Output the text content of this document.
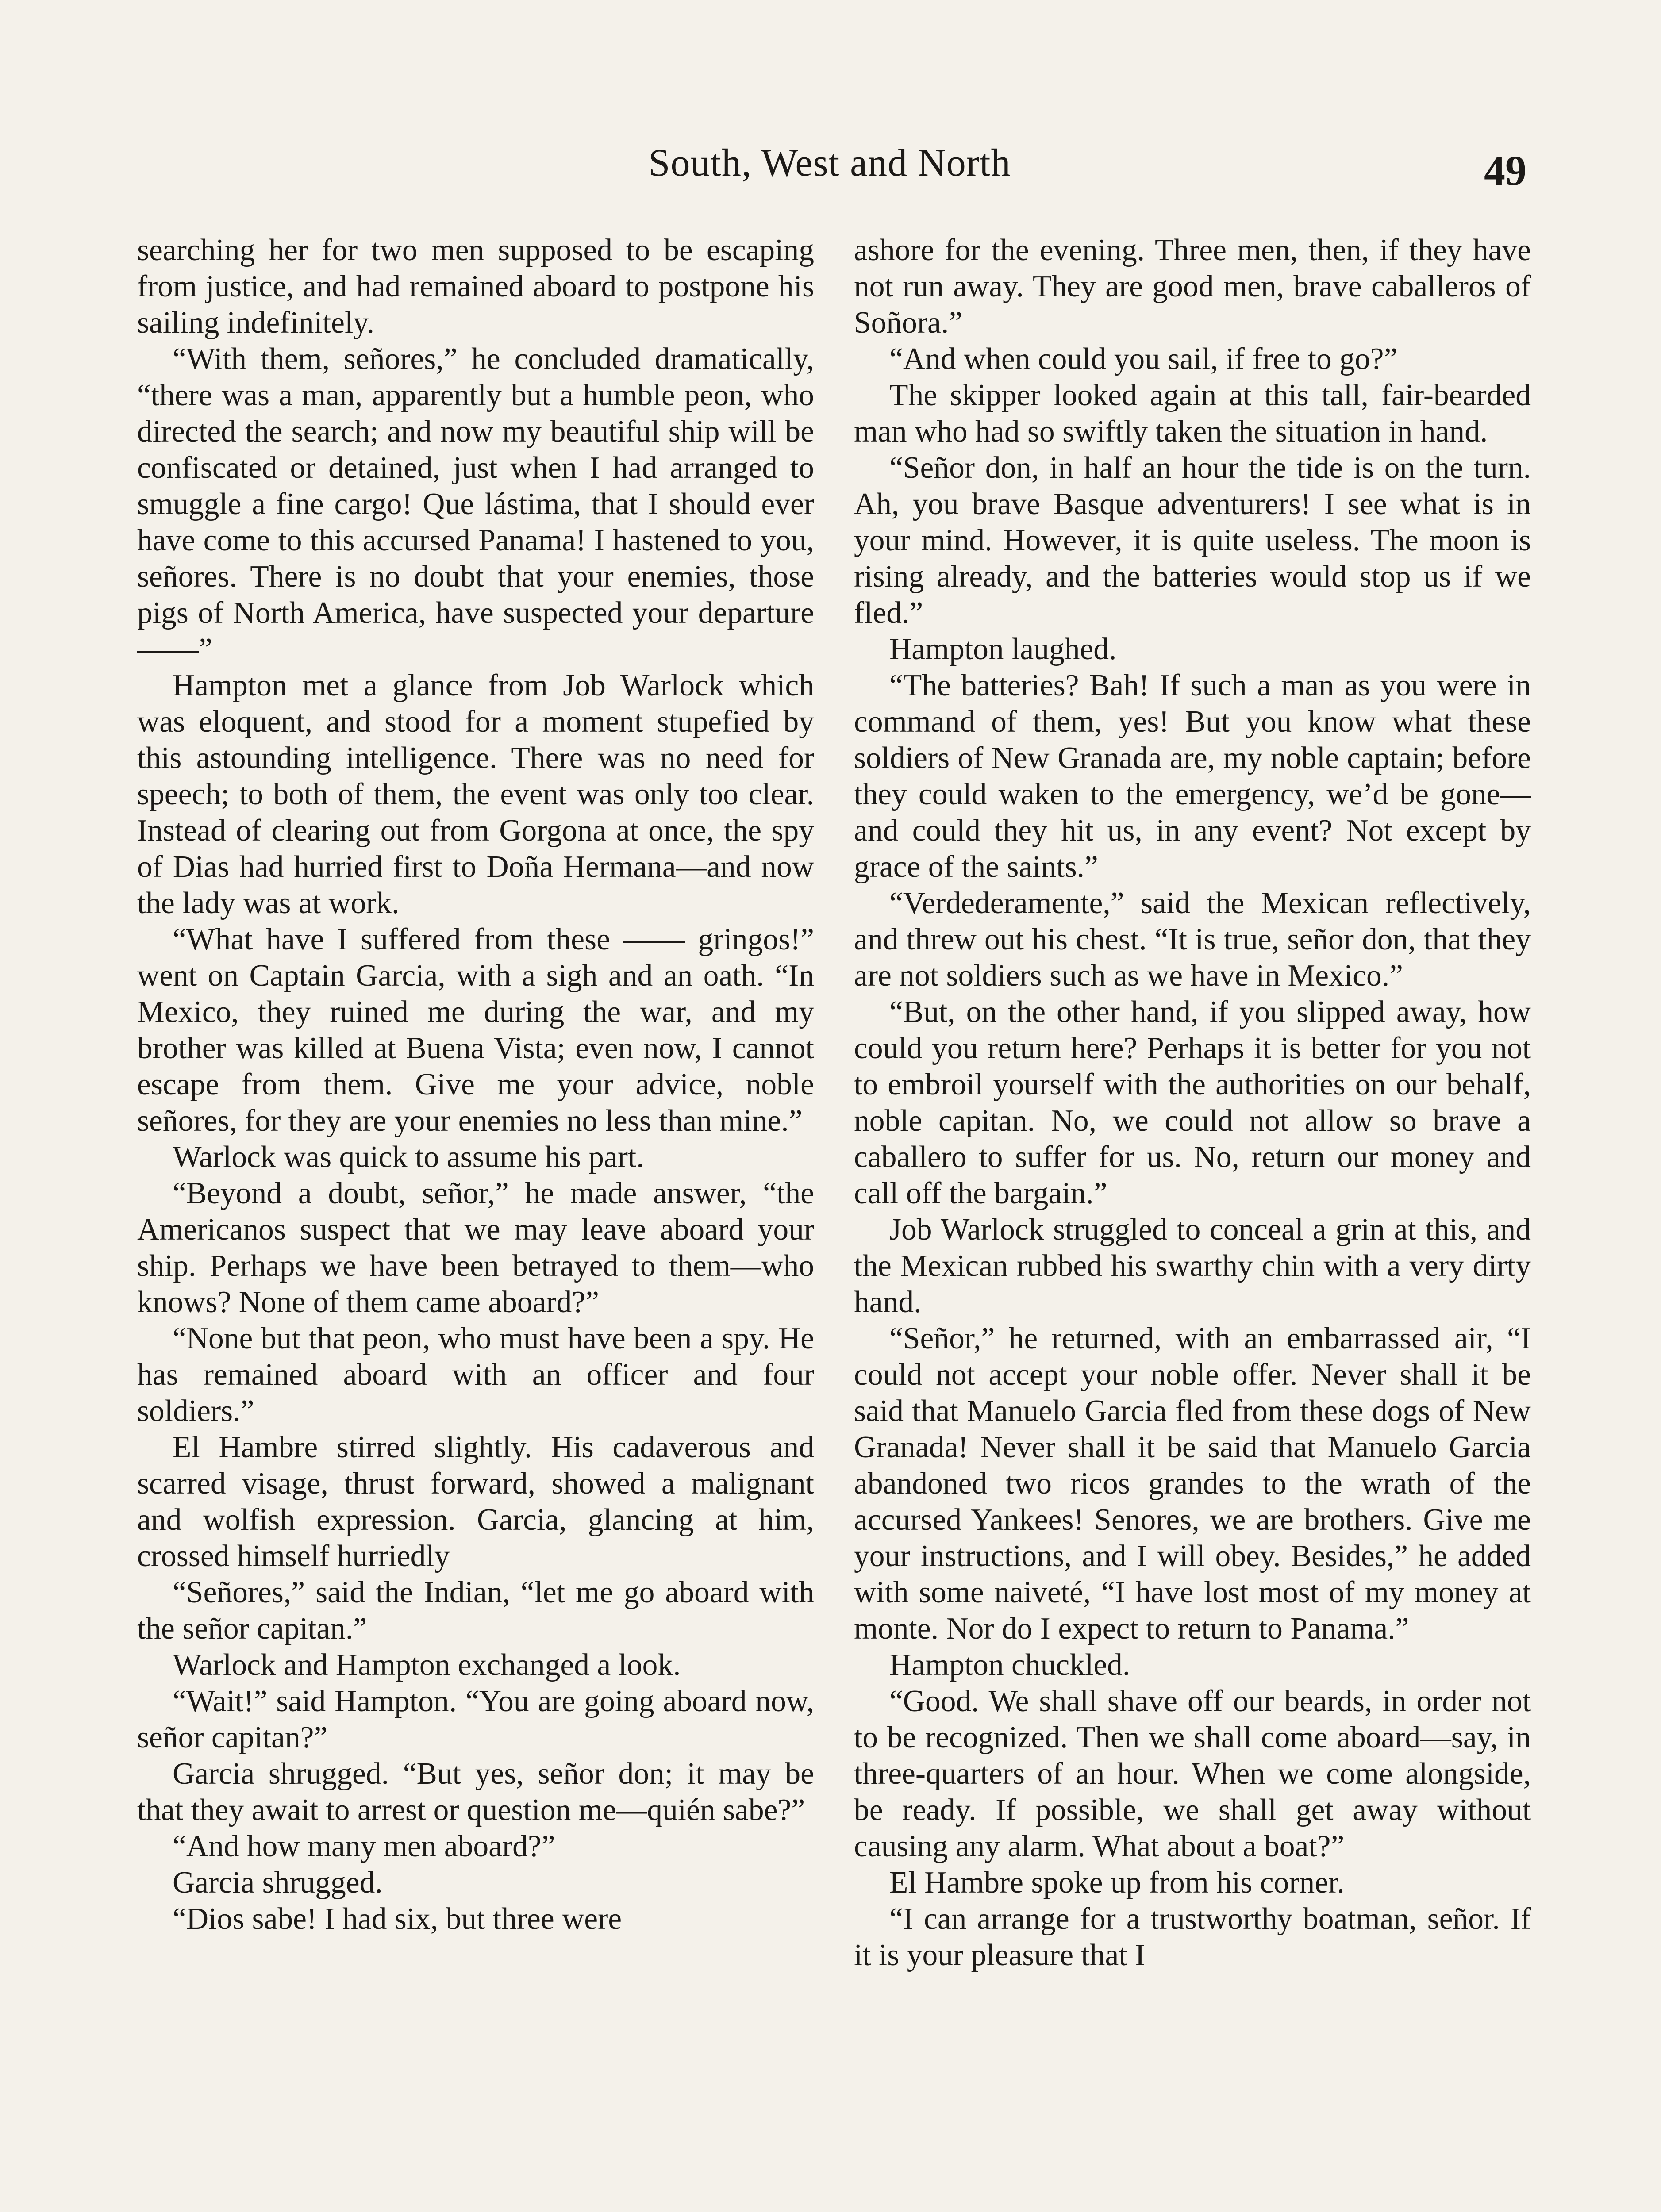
South, West and North	49

searching her for two men supposed to be escaping from justice, and had remained aboard to postpone his sailing indefinitely.

“With them, señores,” he concluded dramatically, “there was a man, apparently but a humble peon, who directed the search; and now my beautiful ship will be confiscated or detained, just when I had arranged to smuggle a fine cargo! Que lástima, that I should ever have come to this accursed Panama! I hastened to you, señores. There is no doubt that your enemies, those pigs of North America, have suspected your departure ——”

Hampton met a glance from Job Warlock which was eloquent, and stood for a moment stupefied by this astounding intelligence. There was no need for speech; to both of them, the event was only too clear. Instead of clearing out from Gorgona at once, the spy of Dias had hurried first to Doña Hermana—and now the lady was at work.

“What have I suffered from these —— gringos!” went on Captain Garcia, with a sigh and an oath. “In Mexico, they ruined me during the war, and my brother was killed at Buena Vista; even now, I cannot escape from them. Give me your advice, noble señores, for they are your enemies no less than mine.”

Warlock was quick to assume his part.

“Beyond a doubt, señor,” he made answer, “the Americanos suspect that we may leave aboard your ship. Perhaps we have been betrayed to them—who knows? None of them came aboard?”

“None but that peon, who must have been a spy. He has remained aboard with an officer and four soldiers.”

El Hambre stirred slightly. His cadaverous and scarred visage, thrust forward, showed a malignant and wolfish expression. Garcia, glancing at him, crossed himself hurriedly

“Señores,” said the Indian, “let me go aboard with the señor capitan.”

Warlock and Hampton exchanged a look.

“Wait!” said Hampton. “You are going aboard now, señor capitan?”

Garcia shrugged. “But yes, señor don; it may be that they await to arrest or question me—quién sabe?”

“And how many men aboard?”

Garcia shrugged.

“Dios sabe! I had six, but three were

ashore for the evening. Three men, then, if they have not run away. They are good men, brave caballeros of Soñora.”

“And when could you sail, if free to go?”

The skipper looked again at this tall, fair-bearded man who had so swiftly taken the situation in hand.

“Señor don, in half an hour the tide is on the turn. Ah, you brave Basque adventurers! I see what is in your mind. However, it is quite useless. The moon is rising already, and the batteries would stop us if we fled.”

Hampton laughed.

“The batteries? Bah! If such a man as you were in command of them, yes! But you know what these soldiers of New Granada are, my noble captain; before they could waken to the emergency, we’d be gone—and could they hit us, in any event? Not except by grace of the saints.”

“Verdederamente,” said the Mexican reflectively, and threw out his chest. “It is true, señor don, that they are not soldiers such as we have in Mexico.”

“But, on the other hand, if you slipped away, how could you return here? Perhaps it is better for you not to embroil yourself with the authorities on our behalf, noble capitan. No, we could not allow so brave a caballero to suffer for us. No, return our money and call off the bargain.”

Job Warlock struggled to conceal a grin at this, and the Mexican rubbed his swarthy chin with a very dirty hand.

“Señor,” he returned, with an embarrassed air, “I could not accept your noble offer. Never shall it be said that Manuelo Garcia fled from these dogs of New Granada! Never shall it be said that Manuelo Garcia abandoned two ricos grandes to the wrath of the accursed Yankees! Senores, we are brothers. Give me your instructions, and I will obey. Besides,” he added with some naiveté, “I have lost most of my money at monte. Nor do I expect to return to Panama.”

Hampton chuckled.

“Good. We shall shave off our beards, in order not to be recognized. Then we shall come aboard—say, in three-quarters of an hour. When we come alongside, be ready. If possible, we shall get away without causing any alarm. What about a boat?”

El Hambre spoke up from his corner.

“I can arrange for a trustworthy boatman, señor. If it is your pleasure that I
